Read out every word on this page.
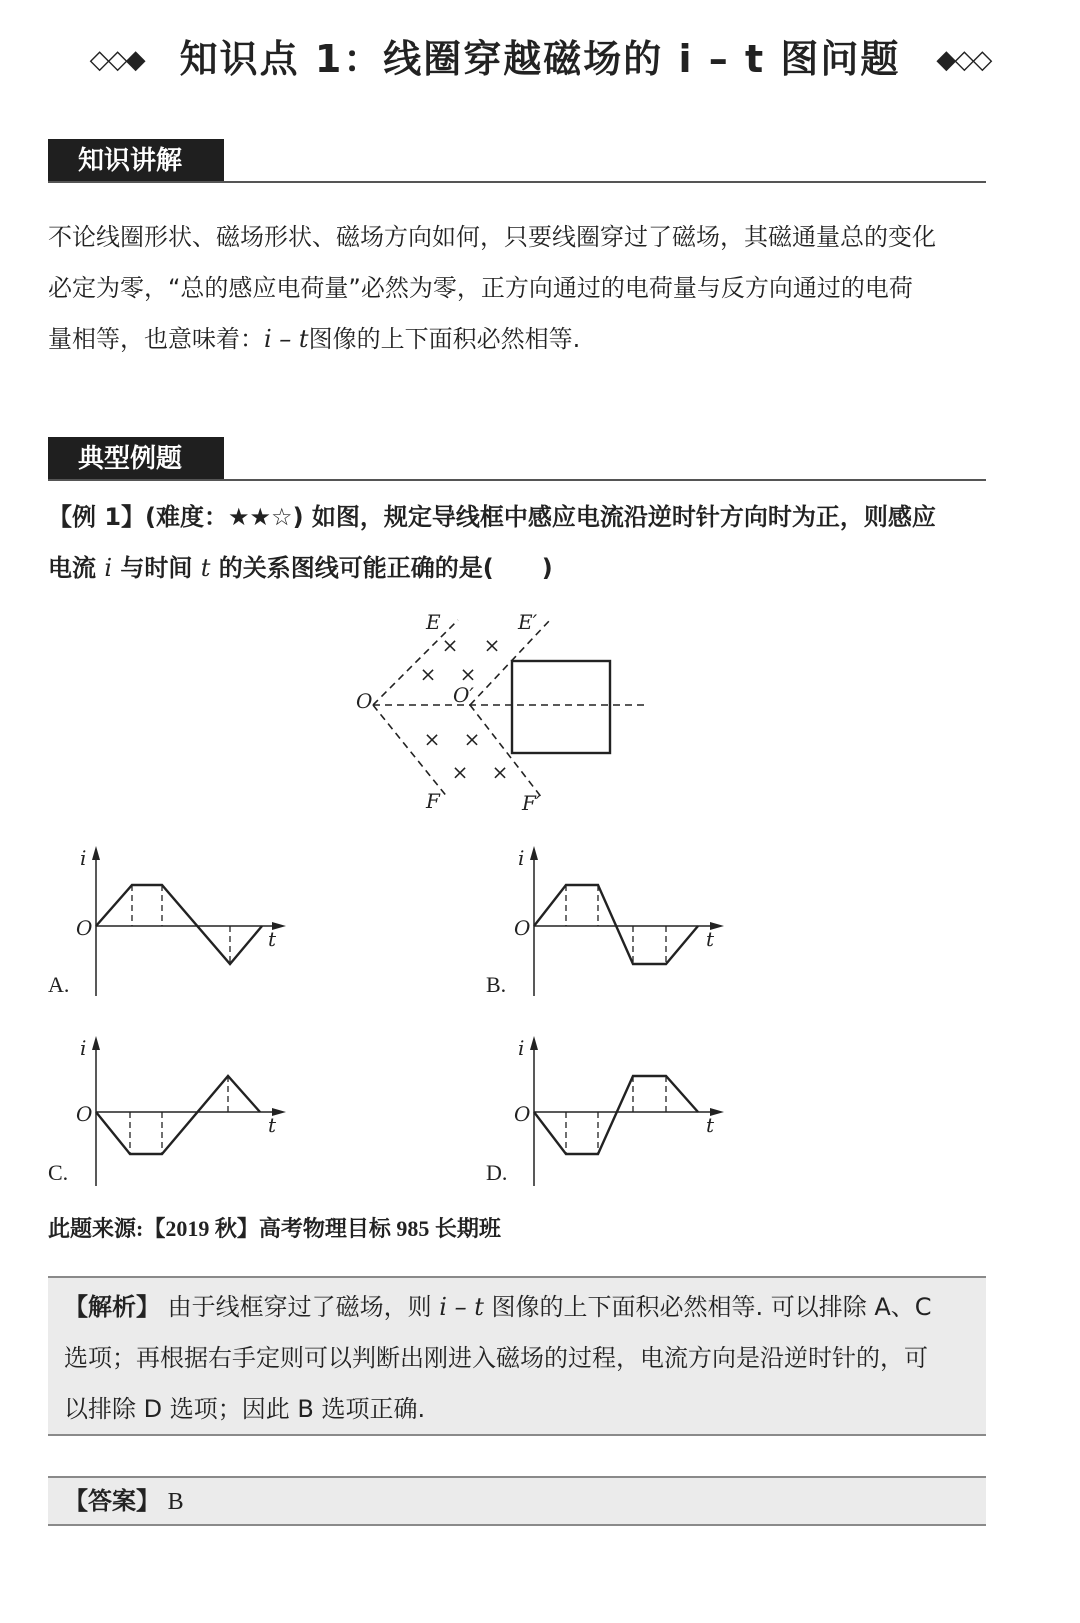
◇◇◆ 知识点 1：线圈穿越磁场的 i – t 图问题 ◆◇◇
知识讲解
不论线圈形状、磁场形状、磁场方向如何，只要线圈穿过了磁场，其磁通量总的变化
必定为零，“总的感应电荷量”必然为零，正方向通过的电荷量与反方向通过的电荷
量相等，也意味着：i – t图像的上下面积必然相等.
典型例题
【例 1】(难度：★★☆) 如图，规定导线框中感应电流沿逆时针方向时为正，则感应
电流 i 与时间 t 的关系图线可能正确的是(　　)
× ×
× ×
× ×
× ×
E	E′
O	O′
F	F′
i
t
O
A.
i
t
O
B.
i
t
O
C.
i
t
O
D.
此题来源:【2019 秋】高考物理目标 985 长期班
【解析】 由于线框穿过了磁场，则 i – t 图像的上下面积必然相等. 可以排除 A、C
选项；再根据右手定则可以判断出刚进入磁场的过程，电流方向是沿逆时针的，可
以排除 D 选项；因此 B 选项正确.
【答案】 B
